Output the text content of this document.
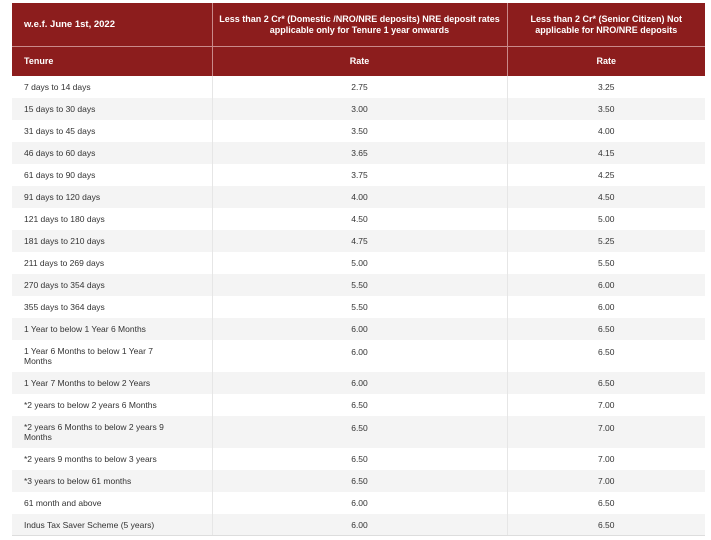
w.e.f. June 1st, 2022	Less than 2 Cr* (Domestic /NRO/NRE deposits) NRE deposit rates applicable only for Tenure 1 year onwards	Less than 2 Cr* (Senior Citizen) Not applicable for NRO/NRE deposits
Tenure	Rate	Rate
7 days to 14 days	2.75	3.25
15 days to 30 days	3.00	3.50
31 days to 45 days	3.50	4.00
46 days to 60 days	3.65	4.15
61 days to 90 days	3.75	4.25
91 days to 120 days	4.00	4.50
121 days to 180 days	4.50	5.00
181 days to 210 days	4.75	5.25
211 days to 269 days	5.00	5.50
270 days to 354 days	5.50	6.00
355 days to 364 days	5.50	6.00
1 Year to below 1 Year 6 Months	6.00	6.50
1 Year 6 Months to below 1 Year 7 Months	6.00	6.50
1 Year 7 Months to below 2 Years	6.00	6.50
*2 years to below 2 years 6 Months	6.50	7.00
*2 years 6 Months to below 2 years 9 Months	6.50	7.00
*2 years 9 months to below 3 years	6.50	7.00
*3 years to below 61 months	6.50	7.00
61 month and above	6.00	6.50
Indus Tax Saver Scheme (5 years)	6.00	6.50
